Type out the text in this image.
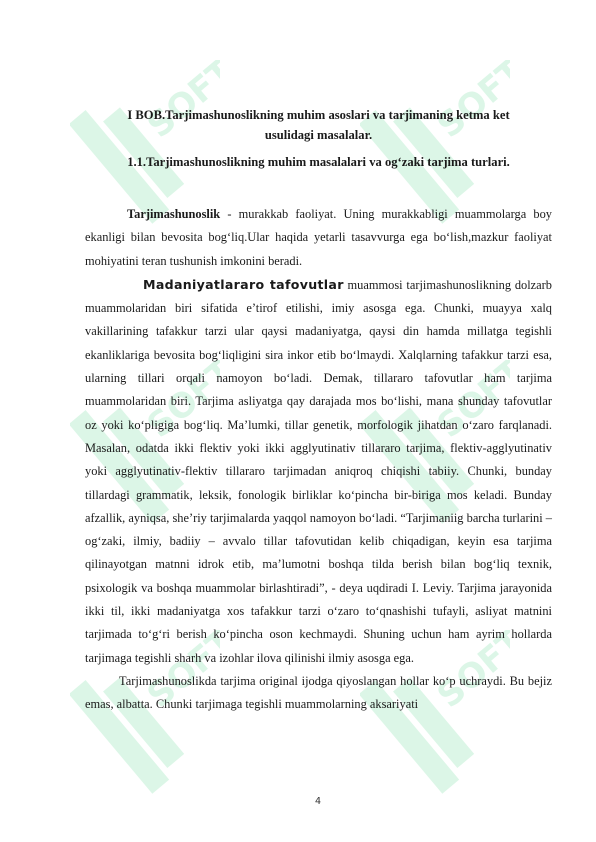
SOFT	SOFT
SOFT	SOFT
SOFT	SOFT
I BOB.Tarjimashunoslikning muhim asoslari va tarjimaning ketma ket
usulidagi masalalar.
1.1.Tarjimashunoslikning muhim masalalari va og‘zaki tarjima turlari.

Tarjimashunoslik - murakkab faoliyat. Uning murakkabligi muammolarga boy ekanligi bilan bevosita bog‘liq.Ular haqida yetarli tasavvurga ega bo‘lish,mazkur faoliyat mohiyatini teran tushunish imkonini beradi.

Madaniyatlararo tafovutlar muammosi tarjimashunoslikning dolzarb muammolaridan biri sifatida e’tirof etilishi, imiy asosga ega. Chunki, muayya xalq vakillarining tafakkur tarzi ular qaysi madaniyatga, qaysi din hamda millatga tegishli ekanliklariga bevosita bog‘liqligini sira inkor etib bo‘lmaydi. Xalqlarning tafakkur tarzi esa, ularning tillari orqali namoyon bo‘ladi. Demak, tillararo tafovutlar ham tarjima muammolaridan biri. Tarjima asliyatga qay darajada mos bo‘lishi, mana shunday tafovutlar oz yoki ko‘pligiga bog‘liq. Ma’lumki, tillar genetik, morfologik jihatdan o‘zaro farqlanadi. Masalan, odatda ikki flektiv yoki ikki agglyutinativ tillararo tarjima, flektiv-agglyutinativ yoki agglyutinativ-flektiv tillararo tarjimadan aniqroq chiqishi tabiiy. Chunki, bunday tillardagi grammatik, leksik, fonologik birliklar ko‘pincha bir-biriga mos keladi. Bunday afzallik, ayniqsa, she’riy tarjimalarda yaqqol namoyon bo‘ladi. “Tarjimaniig barcha turlarini – og‘zaki, ilmiy, badiiy – avvalo tillar tafovutidan kelib chiqadigan, keyin esa tarjima qilinayotgan matnni idrok etib, ma’lumotni boshqa tilda berish bilan bog‘liq texnik, psixologik va boshqa muammolar birlashtiradi”, - deya uqdiradi I. Leviy. Tarjima jarayonida ikki til, ikki madaniyatga xos tafakkur tarzi o‘zaro to‘qnashishi tufayli, asliyat matnini tarjimada to‘g‘ri berish ko‘pincha oson kechmaydi. Shuning uchun ham ayrim hollarda tarjimaga tegishli sharh va izohlar ilova qilinishi ilmiy asosga ega.

Tarjimashunoslikda tarjima original ijodga qiyoslangan hollar ko‘p uchraydi. Bu bejiz emas, albatta. Chunki tarjimaga tegishli muammolarning aksariyati

4
